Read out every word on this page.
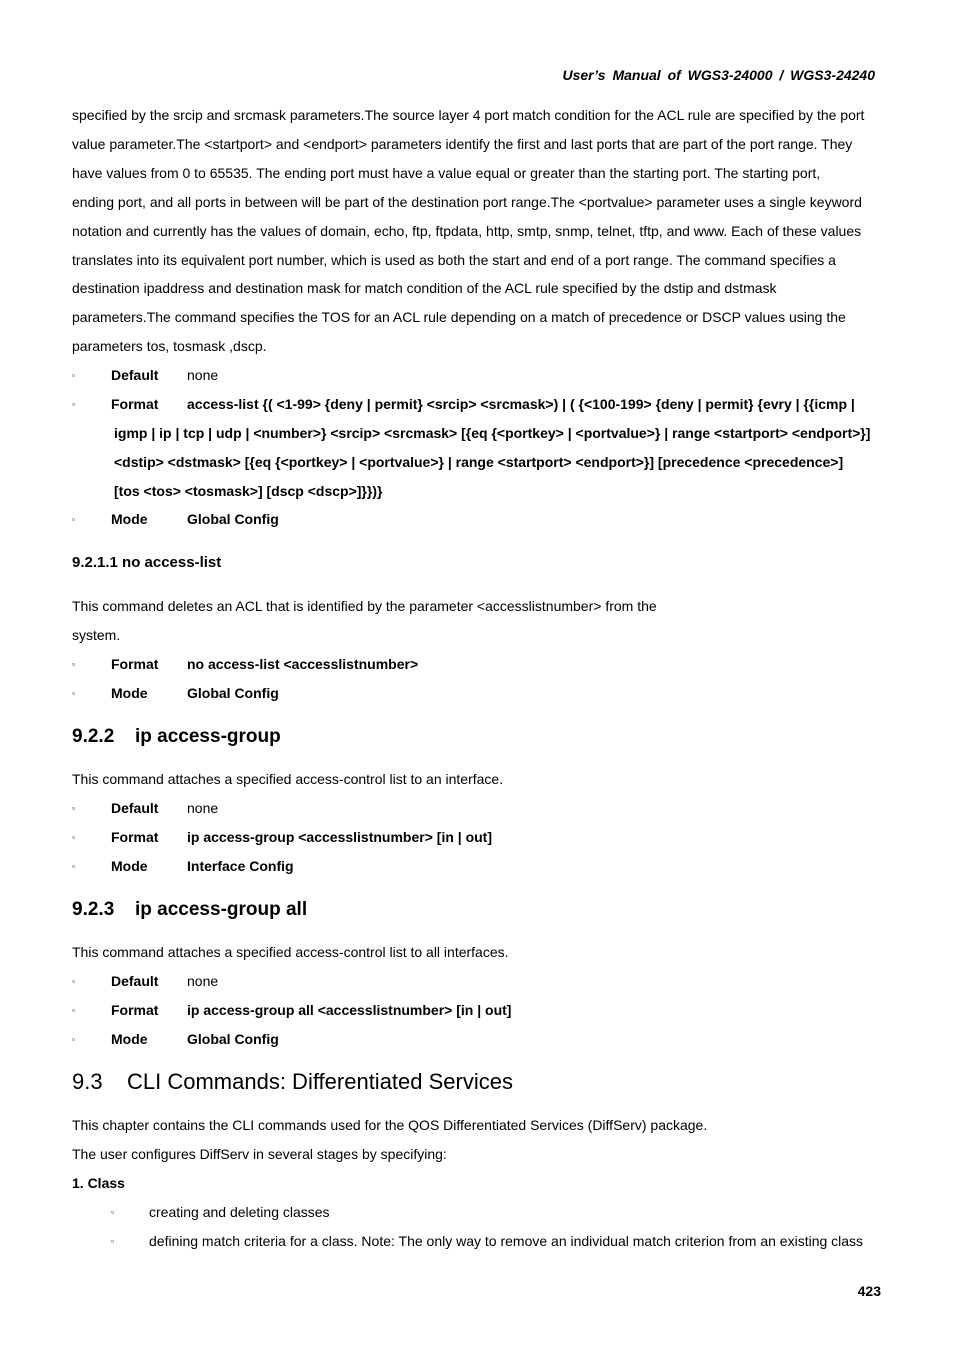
User’s Manual of WGS3-24000 / WGS3-24240

specified by the srcip and srcmask parameters.The source layer 4 port match condition for the ACL rule are specified by the port

value parameter.The <startport> and <endport> parameters identify the first and last ports that are part of the port range. They

have values from 0 to 65535. The ending port must have a value equal or greater than the starting port. The starting port,

ending port, and all ports in between will be part of the destination port range.The <portvalue> parameter uses a single keyword

notation and currently has the values of domain, echo, ftp, ftpdata, http, smtp, snmp, telnet, tftp, and www. Each of these values

translates into its equivalent port number, which is used as both the start and end of a port range. The command specifies a

destination ipaddress and destination mask for match condition of the ACL rule specified by the dstip and dstmask

parameters.The command specifies the TOS for an ACL rule depending on a match of precedence or DSCP values using the

parameters tos, tosmask ,dscp.

▫	Default none
▫	Format access-list {( <1-99> {deny | permit} <srcip> <srcmask>) | ( {<100-199> {deny | permit} {evry | {{icmp |
igmp | ip | tcp | udp | <number>} <srcip> <srcmask> [{eq {<portkey> | <portvalue>} | range <startport> <endport>}]
<dstip> <dstmask> [{eq {<portkey> | <portvalue>} | range <startport> <endport>}] [precedence <precedence>]
[tos <tos> <tosmask>] [dscp <dscp>]}})}
▫	Mode	Global Config
9.2.1.1 no access-list
This command deletes an ACL that is identified by the parameter <accesslistnumber> from the
system.
▫	Format no access-list <accesslistnumber>
▫	Mode	Global Config
9.2.2 ip access-group
This command attaches a specified access-control list to an interface.
▫	Default none
▫	Format ip access-group <accesslistnumber> [in | out]
▫	Mode	Interface Config
9.2.3 ip access-group all
This command attaches a specified access-control list to all interfaces.
▫	Default none
▫	Format ip access-group all <accesslistnumber> [in | out]
▫	Mode	Global Config
9.3 CLI Commands: Differentiated Services
This chapter contains the CLI commands used for the QOS Differentiated Services (DiffServ) package.
The user configures DiffServ in several stages by specifying:
1. Class
▫ creating and deleting classes
▫ defining match criteria for a class. Note: The only way to remove an individual match criterion from an existing class
423
